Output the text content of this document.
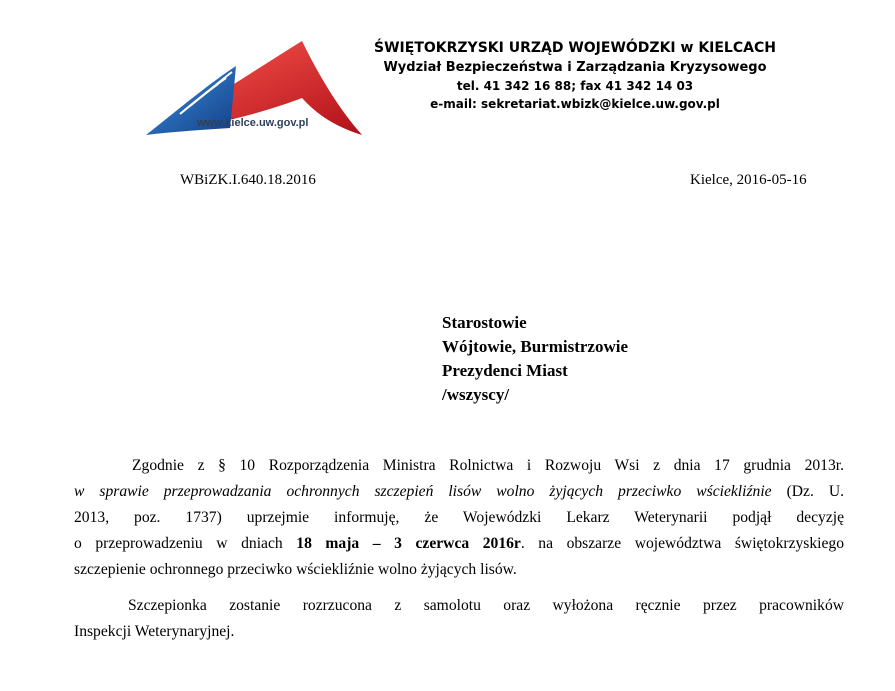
www.kielce.uw.gov.pl
ŚWIĘTOKRZYSKI URZĄD WOJEWÓDZKI w KIELCACH
Wydział Bezpieczeństwa i Zarządzania Kryzysowego
tel. 41 342 16 88; fax 41 342 14 03
e-mail: sekretariat.wbizk@kielce.uw.gov.pl
WBiZK.I.640.18.2016	Kielce, 2016-05-16
Starostowie
Wójtowie, Burmistrzowie
Prezydenci Miast
/wszyscy/

Zgodnie z § 10 Rozporządzenia Ministra Rolnictwa i Rozwoju Wsi z dnia 17 grudnia 2013r.

w sprawie przeprowadzania ochronnych szczepień lisów wolno żyjących przeciwko wściekliźnie (Dz. U.

2013, poz. 1737) uprzejmie informuję, że Wojewódzki Lekarz Weterynarii podjął decyzję

o przeprowadzeniu w dniach 18 maja – 3 czerwca 2016r. na obszarze województwa świętokrzyskiego

szczepienie ochronnego przeciwko wściekliźnie wolno żyjących lisów.

Szczepionka zostanie rozrzucona z samolotu oraz wyłożona ręcznie przez pracowników

Inspekcji Weterynaryjnej.
